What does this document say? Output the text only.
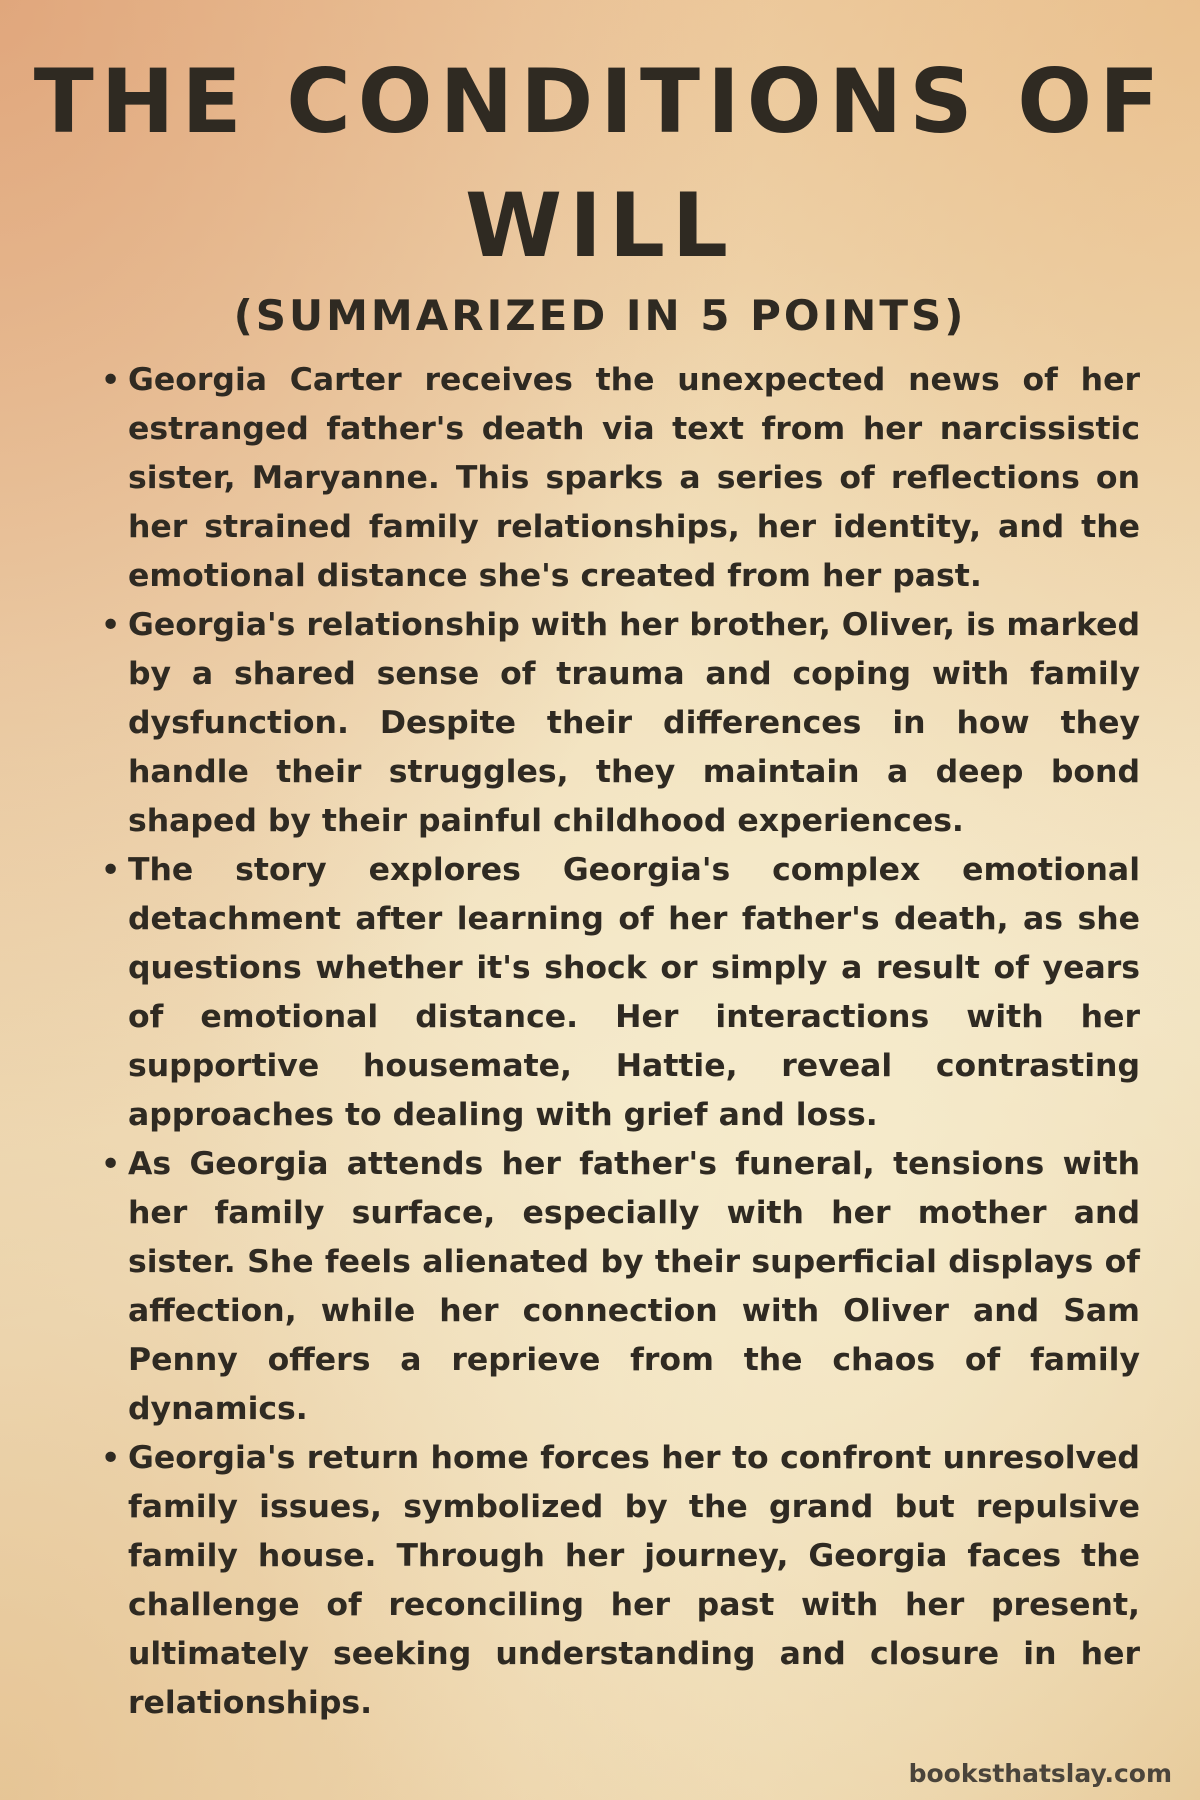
THE CONDITIONS OF WILL
(SUMMARIZED IN 5 POINTS)
• Georgia Carter receives the unexpected news of her estranged father's death via text from her narcissistic sister, Maryanne. This sparks a series of reflections on her strained family relationships, her identity, and the emotional distance she's created from her past.
• Georgia's relationship with her brother, Oliver, is marked by a shared sense of trauma and coping with family dysfunction. Despite their differences in how they handle their struggles, they maintain a deep bond shaped by their painful childhood experiences.
• The story explores Georgia's complex emotional detachment after learning of her father's death, as she questions whether it's shock or simply a result of years of emotional distance. Her interactions with her supportive housemate, Hattie, reveal contrasting approaches to dealing with grief and loss.
• As Georgia attends her father's funeral, tensions with her family surface, especially with her mother and sister. She feels alienated by their superficial displays of affection, while her connection with Oliver and Sam Penny offers a reprieve from the chaos of family dynamics.
• Georgia's return home forces her to confront unresolved family issues, symbolized by the grand but repulsive family house. Through her journey, Georgia faces the challenge of reconciling her past with her present, ultimately seeking understanding and closure in her relationships.
booksthatslay.com
